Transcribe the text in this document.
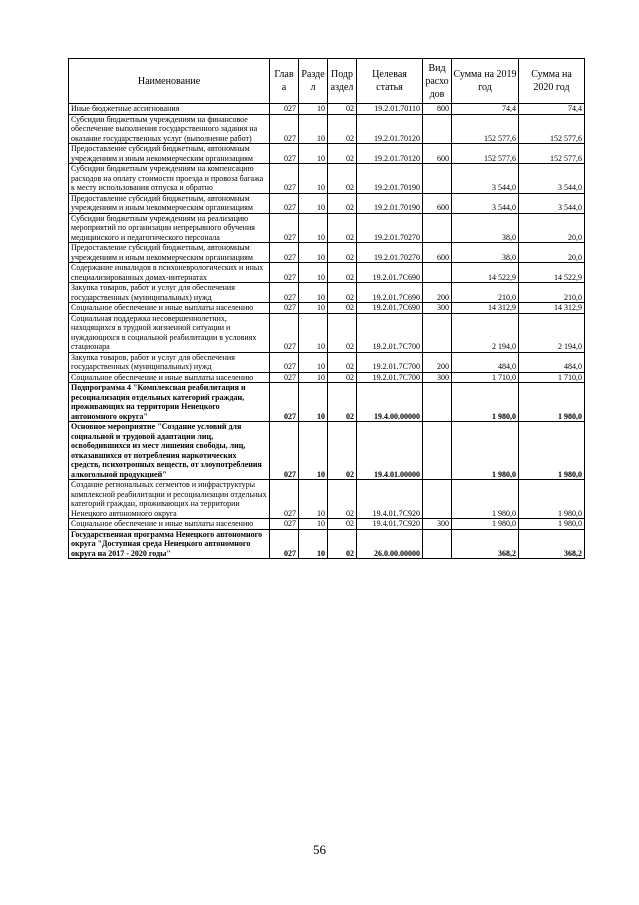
Наименование	Глав а	Разде л	Подр аздел	Целевая статья	Вид расхо дов	Сумма на 2019 год	Сумма на 2020 год
Иные бюджетные ассигнования	027	10	02	19.2.01.70110	800	74,4	74,4
Субсидии бюджетным учреждениям на финансовое обеспечение выполнения государственного задания на оказание государственных услуг (выполнение работ)	027	10	02	19.2.01.70120		152 577,6	152 577,6
Предоставление субсидий бюджетным, автономным учреждениям и иным некоммерческим организациям	027	10	02	19.2.01.70120	600	152 577,6	152 577,6
Субсидии бюджетным учреждениям на компенсацию расходов на оплату стоимости проезда и провоза багажа к месту использования отпуска и обратно	027	10	02	19.2.01.70190		3 544,0	3 544,0
Предоставление субсидий бюджетным, автономным учреждениям и иным некоммерческим организациям	027	10	02	19.2.01.70190	600	3 544,0	3 544,0
Субсидии бюджетным учреждениям на реализацию мероприятий по организации непрерывного обучения медицинского и педагогического персонала	027	10	02	19.2.01.70270		38,0	20,0
Предоставление субсидий бюджетным, автономным учреждениям и иным некоммерческим организациям	027	10	02	19.2.01.70270	600	38,0	20,0
Содержание инвалидов в психоневрологических и иных специализированных домах-интернатах	027	10	02	19.2.01.7С690		14 522,9	14 522,9
Закупка товаров, работ и услуг для обеспечения государственных (муниципальных) нужд	027	10	02	19.2.01.7С690	200	210,0	210,0
Социальное обеспечение и иные выплаты населению	027	10	02	19.2.01.7С690	300	14 312,9	14 312,9
Социальная поддержка несовершеннолетних, находящихся в трудной жизненной ситуации и нуждающихся в социальной реабилитации в условиях стационара	027	10	02	19.2.01.7С700		2 194,0	2 194,0
Закупка товаров, работ и услуг для обеспечения государственных (муниципальных) нужд	027	10	02	19.2.01.7С700	200	484,0	484,0
Социальное обеспечение и иные выплаты населению	027	10	02	19.2.01.7С700	300	1 710,0	1 710,0
Подпрограмма 4 "Комплексная реабилитация и ресоциализация отдельных категорий граждан, проживающих на территории Ненецкого автономного округа"	027	10	02	19.4.00.00000		1 980,0	1 980,0
Основное мероприятие "Создание условий для социальной и трудовой адаптации лиц, освободившихся из мест лишения свободы, лиц, отказавшихся от потребления наркотических средств, психотропных веществ, от злоупотребления алкогольной продукцией"	027	10	02	19.4.01.00000		1 980,0	1 980,0
Создание региональных сегментов и инфраструктуры комплексной реабилитации и ресоциализации отдельных категорий граждан, проживающих на территории Ненецкого автономного округа	027	10	02	19.4.01.7С920		1 980,0	1 980,0
Социальное обеспечение и иные выплаты населению	027	10	02	19.4.01.7С920	300	1 980,0	1 980,0
Государственная программа Ненецкого автономного округа "Доступная среда Ненецкого автономного округа на 2017 - 2020 годы"	027	10	02	26.0.00.00000		368,2	368,2
56
